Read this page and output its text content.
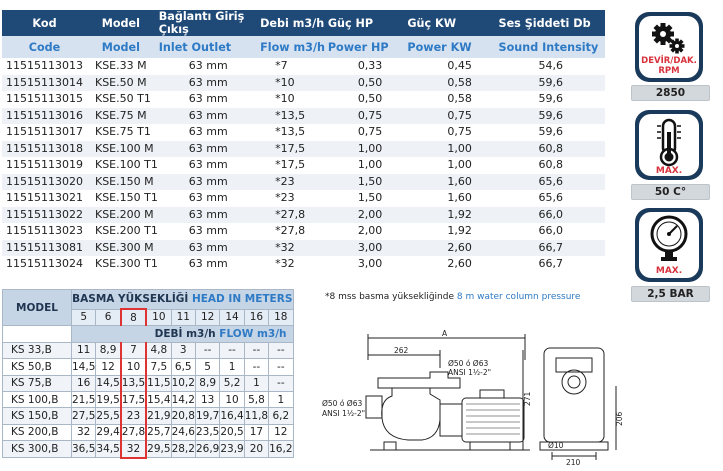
Kod	Model	Bağlantı Giriş Çıkış	Debi m3/h	Güç HP	Güç KW	Ses Şiddeti Db
Code	Model	Inlet Outlet	Flow m3/h	Power HP	Power KW	Sound Intensity
11515113013	KSE.33 M	63 mm	*7	0,33	0,45	54,6
11515113014	KSE.50 M	63 mm	*10	0,50	0,58	59,6
11515113015	KSE.50 T1	63 mm	*10	0,50	0,58	59,6
11515113016	KSE.75 M	63 mm	*13,5	0,75	0,75	59,6
11515113017	KSE.75 T1	63 mm	*13,5	0,75	0,75	59,6
11515113018	KSE.100 M	63 mm	*17,5	1,00	1,00	60,8
11515113019	KSE.100 T1	63 mm	*17,5	1,00	1,00	60,8
11515113020	KSE.150 M	63 mm	*23	1,50	1,60	65,6
11515113021	KSE.150 T1	63 mm	*23	1,50	1,60	65,6
11515113022	KSE.200 M	63 mm	*27,8	2,00	1,92	66,0
11515113023	KSE.200 T1	63 mm	*27,8	2,00	1,92	66,0
11515113081	KSE.300 M	63 mm	*32	3,00	2,60	66,7
11515113024	KSE.300 T1	63 mm	*32	3,00	2,60	66,7
DEVİR/DAK.
RPM
2850
MAX.
50 C°
MAX.
2,5 BAR
MODEL	BASMA YÜKSEKLİĞİ HEAD IN METERS								
	5	6	8	10	11	12	14	16	18
	DEBİ m3/h FLOW m3/h								
KS 33,B	11	8,9	7	4,8	3	--	--	--	--
KS 50,B	14,5	12	10	7,5	6,5	5	1	--	--
KS 75,B	16	14,5	13,5	11,5	10,2	8,9	5,2	1	--
KS 100,B	21,5	19,5	17,5	15,4	14,2	13	10	5,8	1
KS 150,B	27,5	25,5	23	21,9	20,8	19,7	16,4	11,8	6,2
KS 200,B	32	29,4	27,8	25,7	24,6	23,5	20,5	17	12
KS 300,B	36,5	34,5	32	29,5	28,2	26,9	23,9	20	16,2
*8 mss basma yüksekliğinde 8 m water column pressure
A
262
Ø50 ó Ø63
ANSI 1½-2"
Ø50 ó Ø63
ANSI 1½-2"
271
206
Ø10
210
